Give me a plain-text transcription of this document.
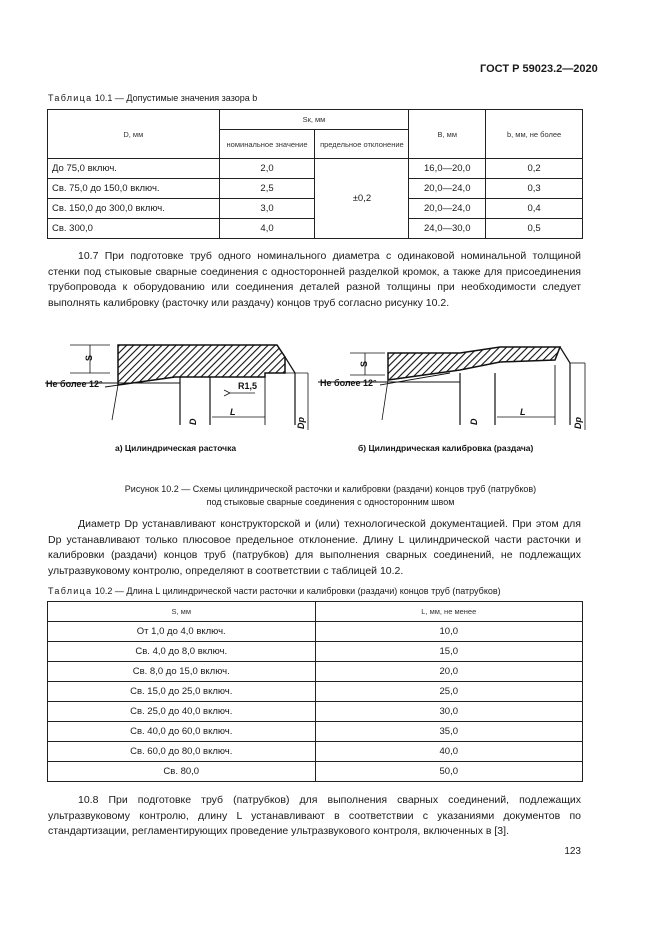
ГОСТ Р 59023.2—2020
Таблица 10.1 — Допустимые значения зазора b
D, мм	Sк, мм		B, мм	b, мм, не более
	номинальное значение	предельное отклонение		
До 75,0 включ.	2,0	±0,2	16,0—20,0	0,2
Св. 75,0 до 150,0 включ.	2,5		20,0—24,0	0,3
Св. 150,0 до 300,0 включ.	3,0		20,0—24,0	0,4
Св. 300,0	4,0		24,0—30,0	0,5
10.7 При подготовке труб одного номинального диаметра с одинаковой номинальной толщиной стенки под стыковые сварные соединения с односторонней разделкой кромок, а также для присоединения трубопровода к оборудованию или соединения деталей разной толщины при необходимости следует выполнять калибровку (расточку или раздачу) концов труб согласно рисунку 10.2.
S
Не более 12°	R1,5
L
D	Dр
S
Не более 12°
L
D	Dр
а) Цилиндрическая расточка	б) Цилиндрическая калибровка (раздача)
Рисунок 10.2 — Схемы цилиндрической расточки и калибровки (раздачи) концов труб (патрубков)
под стыковые сварные соединения с односторонним швом
Диаметр Dр устанавливают конструкторской и (или) технологической документацией. При этом для Dр устанавливают только плюсовое предельное отклонение. Длину L цилиндрической части расточки и калибровки (раздачи) концов труб (патрубков) для выполнения сварных соединений, не подлежащих ультразвуковому контролю, определяют в соответствии с таблицей 10.2.
Таблица 10.2 — Длина L цилиндрической части расточки и калибровки (раздачи) концов труб (патрубков)
S, мм	L, мм, не менее
От 1,0 до 4,0 включ.	10,0
Св. 4,0 до 8,0 включ.	15,0
Св. 8,0 до 15,0 включ.	20,0
Св. 15,0 до 25,0 включ.	25,0
Св. 25,0 до 40,0 включ.	30,0
Св. 40,0 до 60,0 включ.	35,0
Св. 60,0 до 80,0 включ.	40,0
Св. 80,0	50,0
10.8 При подготовке труб (патрубков) для выполнения сварных соединений, подлежащих ультразвуковому контролю, длину L устанавливают в соответствии с указаниями документов по стандартизации, регламентирующих проведение ультразвукового контроля, включенных в [3].
123
